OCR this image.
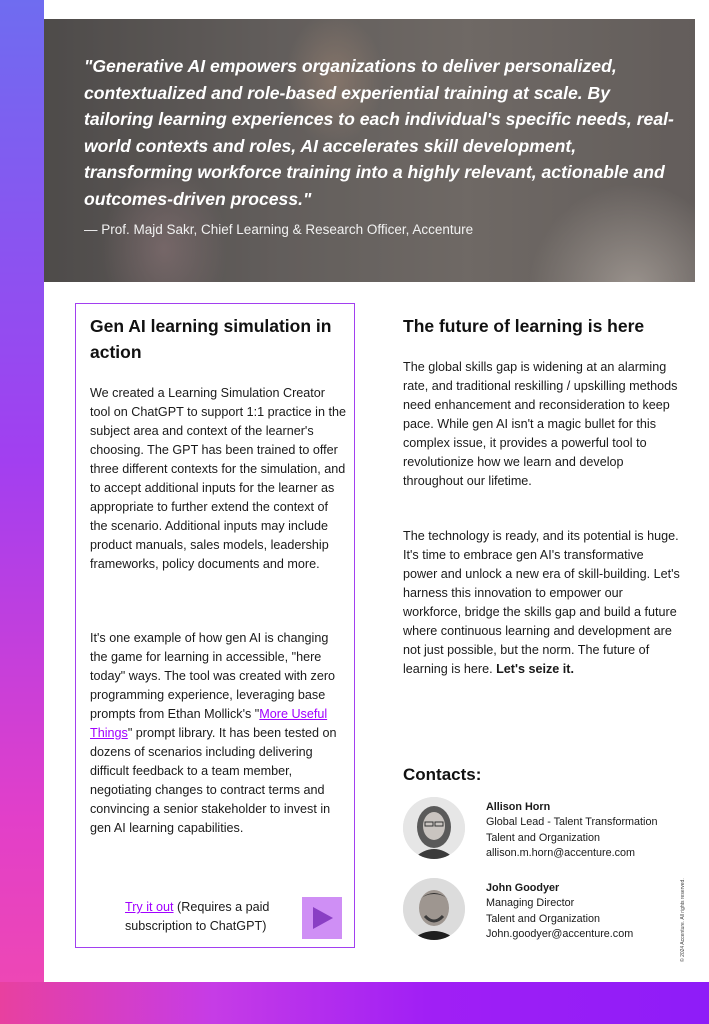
"Generative AI empowers organizations to deliver personalized, contextualized and role-based experiential training at scale. By tailoring learning experiences to each individual's specific needs, real-world contexts and roles, AI accelerates skill development, transforming workforce training into a highly relevant, actionable and outcomes-driven process."

— Prof. Majd Sakr, Chief Learning & Research Officer, Accenture

Gen AI learning simulation in action

We created a Learning Simulation Creator tool on ChatGPT to support 1:1 practice in the subject area and context of the learner's choosing. The GPT has been trained to offer three different contexts for the simulation, and to accept additional inputs for the learner as appropriate to further extend the context of the scenario. Additional inputs may include product manuals, sales models, leadership frameworks, policy documents and more.

It's one example of how gen AI is changing the game for learning in accessible, "here today" ways. The tool was created with zero programming experience, leveraging base prompts from Ethan Mollick's "More Useful Things" prompt library. It has been tested on dozens of scenarios including delivering difficult feedback to a team member, negotiating changes to contract terms and convincing a senior stakeholder to invest in gen AI learning capabilities.

Try it out (Requires a paid subscription to ChatGPT)

The future of learning is here

The global skills gap is widening at an alarming rate, and traditional reskilling / upskilling methods need enhancement and reconsideration to keep pace. While gen AI isn't a magic bullet for this complex issue, it provides a powerful tool to revolutionize how we learn and develop throughout our lifetime.

The technology is ready, and its potential is huge. It's time to embrace gen AI's transformative power and unlock a new era of skill-building. Let's harness this innovation to empower our workforce, bridge the skills gap and build a future where continuous learning and development are not just possible, but the norm. The future of learning is here. Let's seize it.

Contacts:
Allison Horn
Global Lead - Talent Transformation
Talent and Organization
allison.m.horn@accenture.com
John Goodyer
Managing Director
Talent and Organization
John.goodyer@accenture.com	© 2024 Accenture. All rights reserved.
